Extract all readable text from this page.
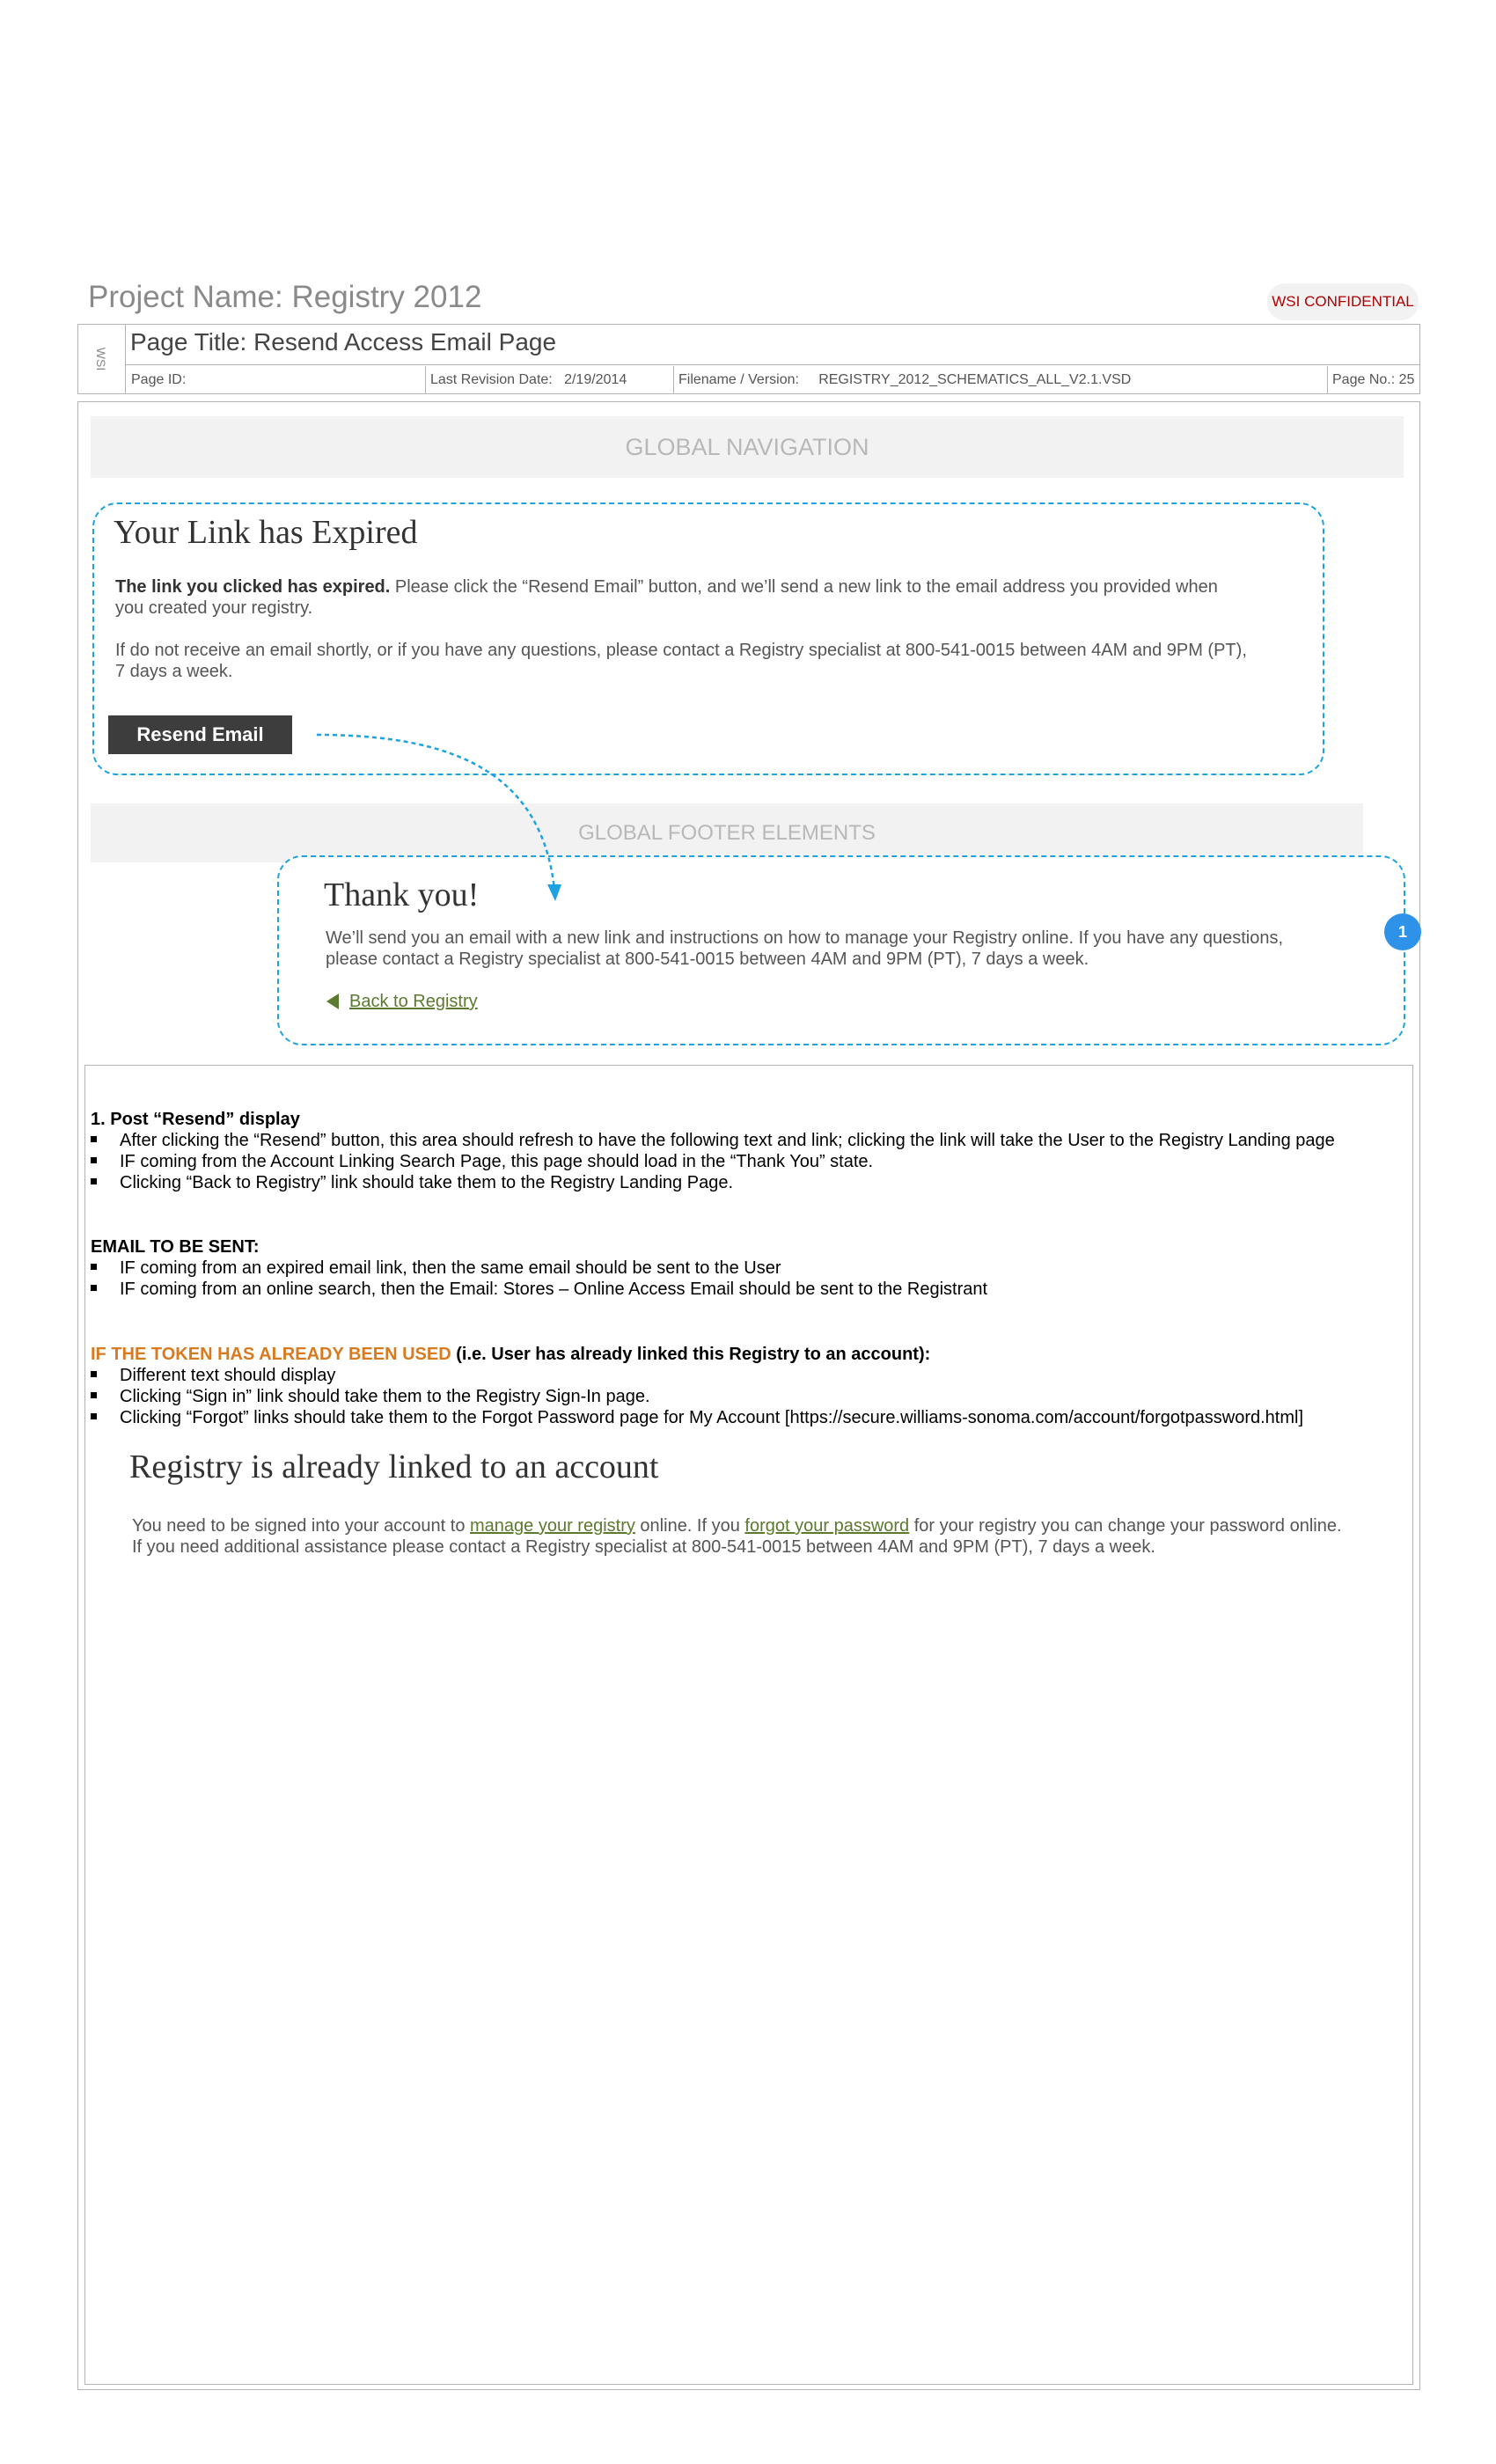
Project Name: Registry 2012	WSI CONFIDENTIAL
WSI
Page Title: Resend Access Email Page
Page ID:	Last Revision Date: 2/19/2014	Filename / Version: REGISTRY_2012_SCHEMATICS_ALL_V2.1.VSD	Page No.: 25
GLOBAL NAVIGATION
Your Link has Expired
The link you clicked has expired. Please click the “Resend Email” button, and we’ll send a new link to the email address you provided when you created your registry.
If do not receive an email shortly, or if you have any questions, please contact a Registry specialist at 800-541-0015 between 4AM and 9PM (PT), 7 days a week.
Resend Email
GLOBAL FOOTER ELEMENTS
Thank you!
We’ll send you an email with a new link and instructions on how to manage your Registry online. If you have any questions, please contact a Registry specialist at 800-541-0015 between 4AM and 9PM (PT), 7 days a week.
Back to Registry
1
1. Post “Resend” display
After clicking the “Resend” button, this area should refresh to have the following text and link; clicking the link will take the User to the Registry Landing page
IF coming from the Account Linking Search Page, this page should load in the “Thank You” state.
Clicking “Back to Registry” link should take them to the Registry Landing Page.
EMAIL TO BE SENT:
IF coming from an expired email link, then the same email should be sent to the User
IF coming from an online search, then the Email: Stores – Online Access Email should be sent to the Registrant
IF THE TOKEN HAS ALREADY BEEN USED (i.e. User has already linked this Registry to an account):
Different text should display
Clicking “Sign in” link should take them to the Registry Sign-In page.
Clicking “Forgot” links should take them to the Forgot Password page for My Account [https://secure.williams-sonoma.com/account/forgotpassword.html]
Registry is already linked to an account
You need to be signed into your account to manage your registry online. If you forgot your password for your registry you can change your password online.
If you need additional assistance please contact a Registry specialist at 800-541-0015 between 4AM and 9PM (PT), 7 days a week.
